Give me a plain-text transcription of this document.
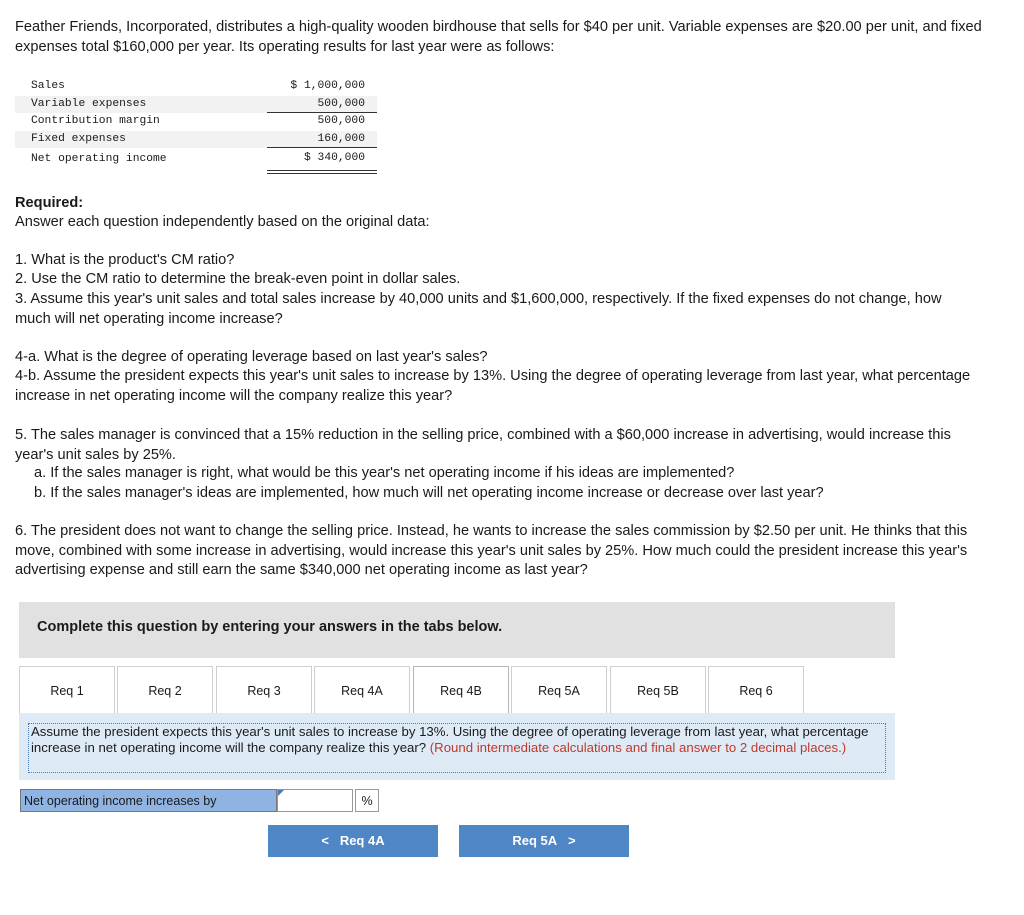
Feather Friends, Incorporated, distributes a high-quality wooden birdhouse that sells for $40 per unit. Variable expenses are $20.00 per unit, and fixed expenses total $160,000 per year. Its operating results for last year were as follows:

Sales	$ 1,000,000
Variable expenses	500,000
Contribution margin	500,000
Fixed expenses	160,000
Net operating income	$ 340,000

Required:

Answer each question independently based on the original data:

1. What is the product's CM ratio?

2. Use the CM ratio to determine the break-even point in dollar sales.

3. Assume this year's unit sales and total sales increase by 40,000 units and $1,600,000, respectively. If the fixed expenses do not change, how much will net operating income increase?

4-a. What is the degree of operating leverage based on last year's sales?

4-b. Assume the president expects this year's unit sales to increase by 13%. Using the degree of operating leverage from last year, what percentage increase in net operating income will the company realize this year?

5. The sales manager is convinced that a 15% reduction in the selling price, combined with a $60,000 increase in advertising, would increase this year's unit sales by 25%.

a. If the sales manager is right, what would be this year's net operating income if his ideas are implemented?

b. If the sales manager's ideas are implemented, how much will net operating income increase or decrease over last year?

6. The president does not want to change the selling price. Instead, he wants to increase the sales commission by $2.50 per unit. He thinks that this move, combined with some increase in advertising, would increase this year's unit sales by 25%. How much could the president increase this year's advertising expense and still earn the same $340,000 net operating income as last year?

Complete this question by entering your answers in the tabs below.
Req 1	Req 2	Req 3	Req 4A	Req 4B	Req 5A	Req 5B	Req 6
Assume the president expects this year's unit sales to increase by 13%. Using the degree of operating leverage from last year, what percentage increase in net operating income will the company realize this year? (Round intermediate calculations and final answer to 2 decimal places.)
Net operating income increases by	%
< Req 4A	Req 5A >
